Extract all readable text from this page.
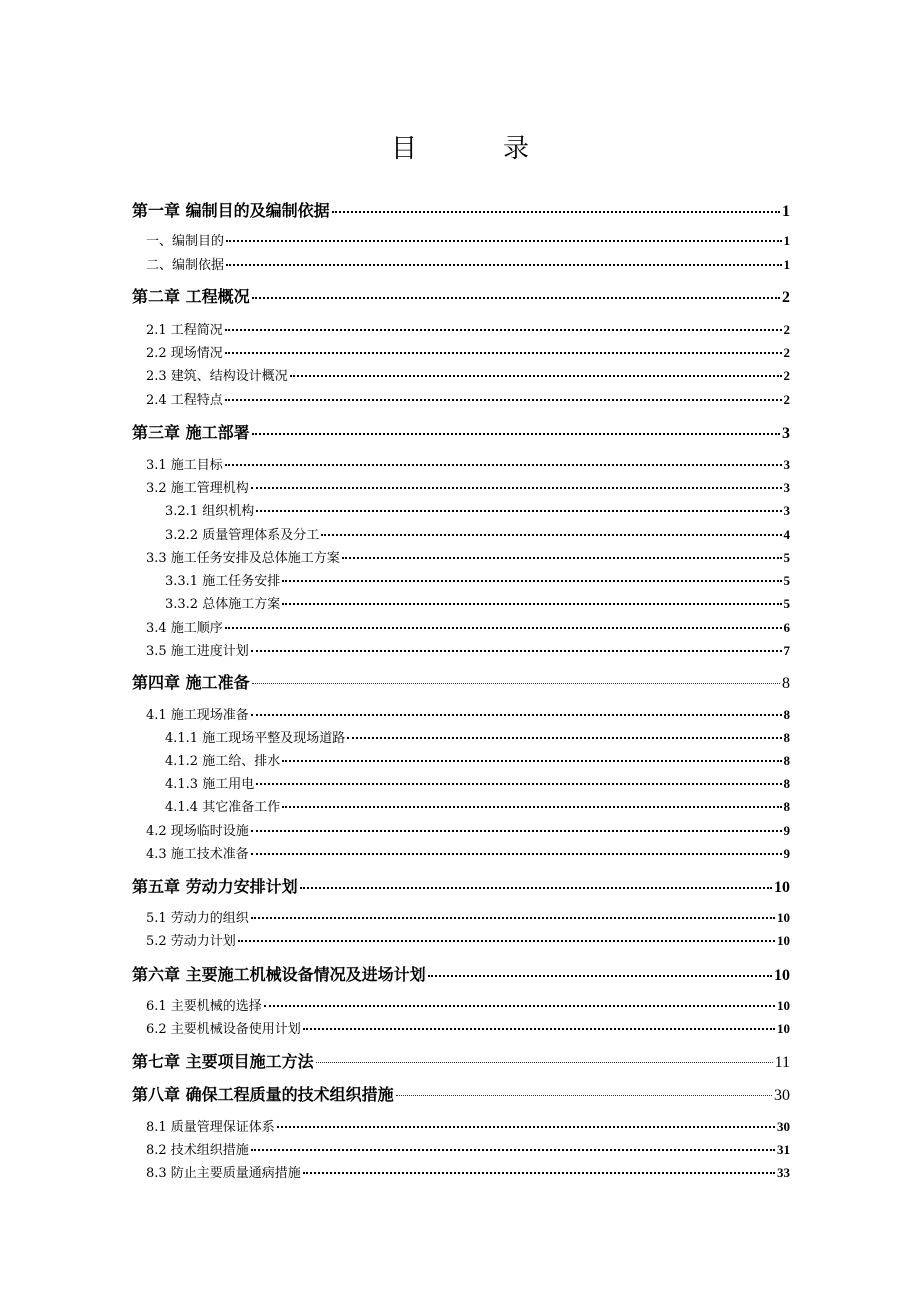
目　录
第一章 编制目的及编制依据	1
一、编制目的	1
二、编制依据	1
第二章 工程概况	2
2.1 工程简况	2
2.2 现场情况	2
2.3 建筑、结构设计概况	2
2.4 工程特点	2
第三章 施工部署	3
3.1 施工目标	3
3.2 施工管理机构	3
3.2.1 组织机构	3
3.2.2 质量管理体系及分工	4
3.3 施工任务安排及总体施工方案	5
3.3.1 施工任务安排	5
3.3.2 总体施工方案	5
3.4 施工顺序	6
3.5 施工进度计划	7
第四章 施工准备	8
4.1 施工现场准备	8
4.1.1 施工现场平整及现场道路	8
4.1.2 施工给、排水	8
4.1.3 施工用电	8
4.1.4 其它准备工作	8
4.2 现场临时设施	9
4.3 施工技术准备	9
第五章 劳动力安排计划	10
5.1 劳动力的组织	10
5.2 劳动力计划	10
第六章 主要施工机械设备情况及进场计划	10
6.1 主要机械的选择	10
6.2 主要机械设备使用计划	10
第七章 主要项目施工方法	11
第八章 确保工程质量的技术组织措施	30
8.1 质量管理保证体系	30
8.2 技术组织措施	31
8.3 防止主要质量通病措施	33
